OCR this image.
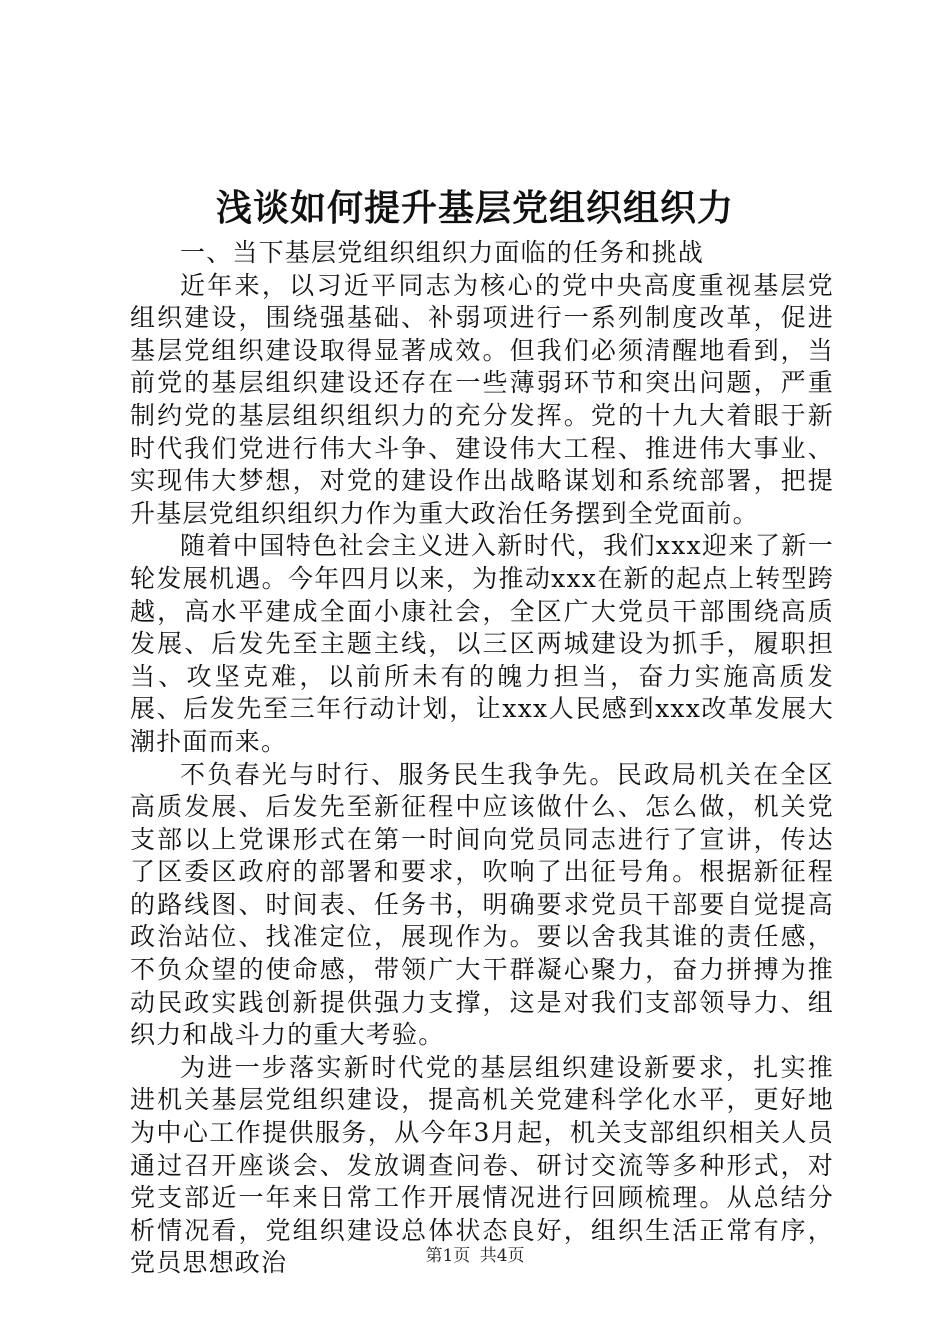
浅谈如何提升基层党组织组织力

一、当下基层党组织组织力面临的任务和挑战

近年来，以习近平同志为核心的党中央高度重视基层党组织建设，围绕强基础、补弱项进行一系列制度改革，促进基层党组织建设取得显著成效。但我们必须清醒地看到，当前党的基层组织建设还存在一些薄弱环节和突出问题，严重制约党的基层组织组织力的充分发挥。党的十九大着眼于新时代我们党进行伟大斗争、建设伟大工程、推进伟大事业、实现伟大梦想，对党的建设作出战略谋划和系统部署，把提升基层党组织组织力作为重大政治任务摆到全党面前。

随着中国特色社会主义进入新时代，我们xxx迎来了新一轮发展机遇。今年四月以来，为推动xxx在新的起点上转型跨越，高水平建成全面小康社会，全区广大党员干部围绕高质发展、后发先至主题主线，以三区两城建设为抓手，履职担当、攻坚克难，以前所未有的魄力担当，奋力实施高质发展、后发先至三年行动计划，让xxx人民感到xxx改革发展大潮扑面而来。

不负春光与时行、服务民生我争先。民政局机关在全区高质发展、后发先至新征程中应该做什么、怎么做，机关党支部以上党课形式在第一时间向党员同志进行了宣讲，传达了区委区政府的部署和要求，吹响了出征号角。根据新征程的路线图、时间表、任务书，明确要求党员干部要自觉提高政治站位、找准定位，展现作为。要以舍我其谁的责任感，不负众望的使命感，带领广大干群凝心聚力，奋力拼搏为推动民政实践创新提供强力支撑，这是对我们支部领导力、组织力和战斗力的重大考验。

为进一步落实新时代党的基层组织建设新要求，扎实推进机关基层党组织建设，提高机关党建科学化水平，更好地为中心工作提供服务，从今年3月起，机关支部组织相关人员通过召开座谈会、发放调查问卷、研讨交流等多种形式，对党支部近一年来日常工作开展情况进行回顾梳理。从总结分析情况看，党组织建设总体状态良好，组织生活正常有序，党员思想政治	第1页 共4页
